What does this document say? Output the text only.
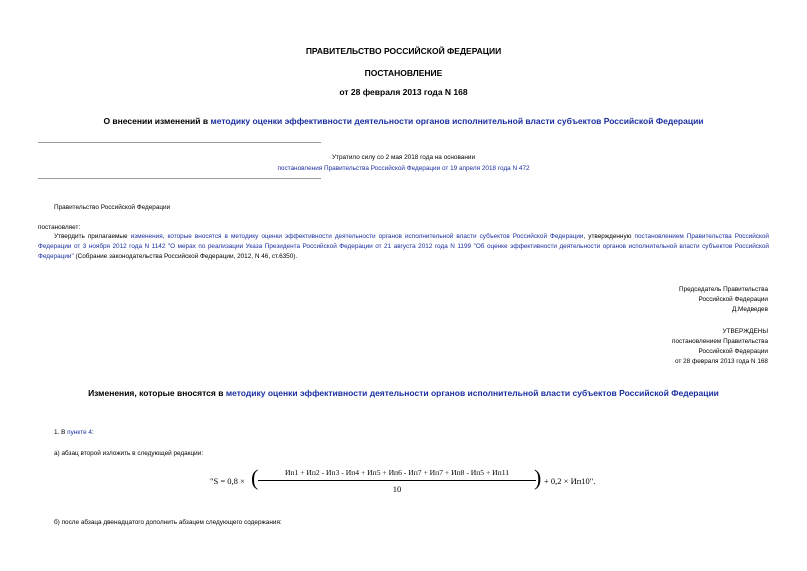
ПРАВИТЕЛЬСТВО РОССИЙСКОЙ ФЕДЕРАЦИИ
ПОСТАНОВЛЕНИЕ
от 28 февраля 2013 года N 168
О внесении изменений в методику оценки эффективности деятельности органов исполнительной власти субъектов Российской Федерации
Утратило силу со 2 мая 2018 года на основании
постановления Правительства Российской Федерации от 19 апреля 2018 года N 472
Правительство Российской Федерации
постановляет:
Утвердить прилагаемые изменения, которые вносятся в методику оценки эффективности деятельности органов исполнительной власти субъектов Российской Федерации, утвержденную постановлением Правительства Российской Федерации от 3 ноября 2012 года N 1142 "О мерах по реализации Указа Президента Российской Федерации от 21 августа 2012 года N 1199 "Об оценке эффективности деятельности органов исполнительной власти субъектов Российской Федерации" (Собрание законодательства Российской Федерации, 2012, N 46, ст.6350).
Председатель Правительства
Российской Федерации
Д.Медведев
УТВЕРЖДЕНЫ
постановлением Правительства
Российской Федерации
от 28 февраля 2013 года N 168
Изменения, которые вносятся в методику оценки эффективности деятельности органов исполнительной власти субъектов Российской Федерации
1. В пункте 4:
а) абзац второй изложить в следующей редакции:
"S = 0,8 × (	Ип1 + Ип2 - Ип3 - Ип4 + Ип5 + Ип6 - Ип7 + Ип7 + Ип8 - Ип5 + Ип11
10	) + 0,2 × Ип10".
б) после абзаца двенадцатого дополнить абзацем следующего содержания:
